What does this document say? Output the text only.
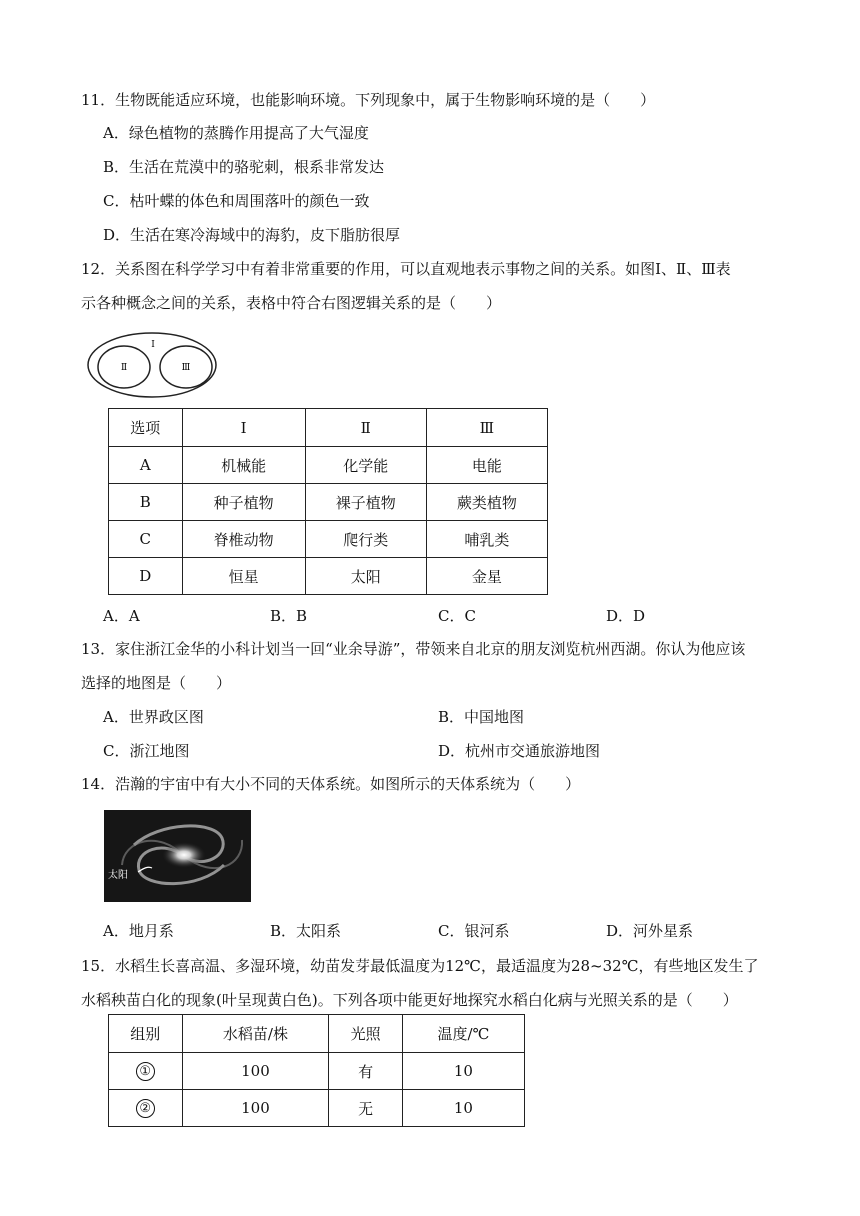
11．生物既能适应环境，也能影响环境。下列现象中，属于生物影响环境的是（　　）
A．绿色植物的蒸腾作用提高了大气湿度
B．生活在荒漠中的骆驼刺，根系非常发达
C．枯叶蝶的体色和周围落叶的颜色一致
D．生活在寒冷海域中的海豹，皮下脂肪很厚
12．关系图在科学学习中有着非常重要的作用，可以直观地表示事物之间的关系。如图Ⅰ、Ⅱ、Ⅲ表
示各种概念之间的关系，表格中符合右图逻辑关系的是（　　）
I
Ⅱ	Ⅲ
选项	I	Ⅱ	Ⅲ
A	机械能	化学能	电能
B	种子植物	裸子植物	蕨类植物
C	脊椎动物	爬行类	哺乳类
D	恒星	太阳	金星
A．A	B．B	C．C	D．D
13．家住浙江金华的小科计划当一回“业余导游”，带领来自北京的朋友浏览杭州西湖。你认为他应该
选择的地图是（　　）
A．世界政区图	B．中国地图
C．浙江地图	D．杭州市交通旅游地图
14．浩瀚的宇宙中有大小不同的天体系统。如图所示的天体系统为（　　）
太阳
A．地月系	B．太阳系	C．银河系	D．河外星系
15．水稻生长喜高温、多湿环境，幼苗发芽最低温度为12℃，最适温度为28~32℃，有些地区发生了
水稻秧苗白化的现象(叶呈现黄白色)。下列各项中能更好地探究水稻白化病与光照关系的是（　　）
组别	水稻苗/株	光照	温度/℃
①	100	有	10
②	100	无	10
